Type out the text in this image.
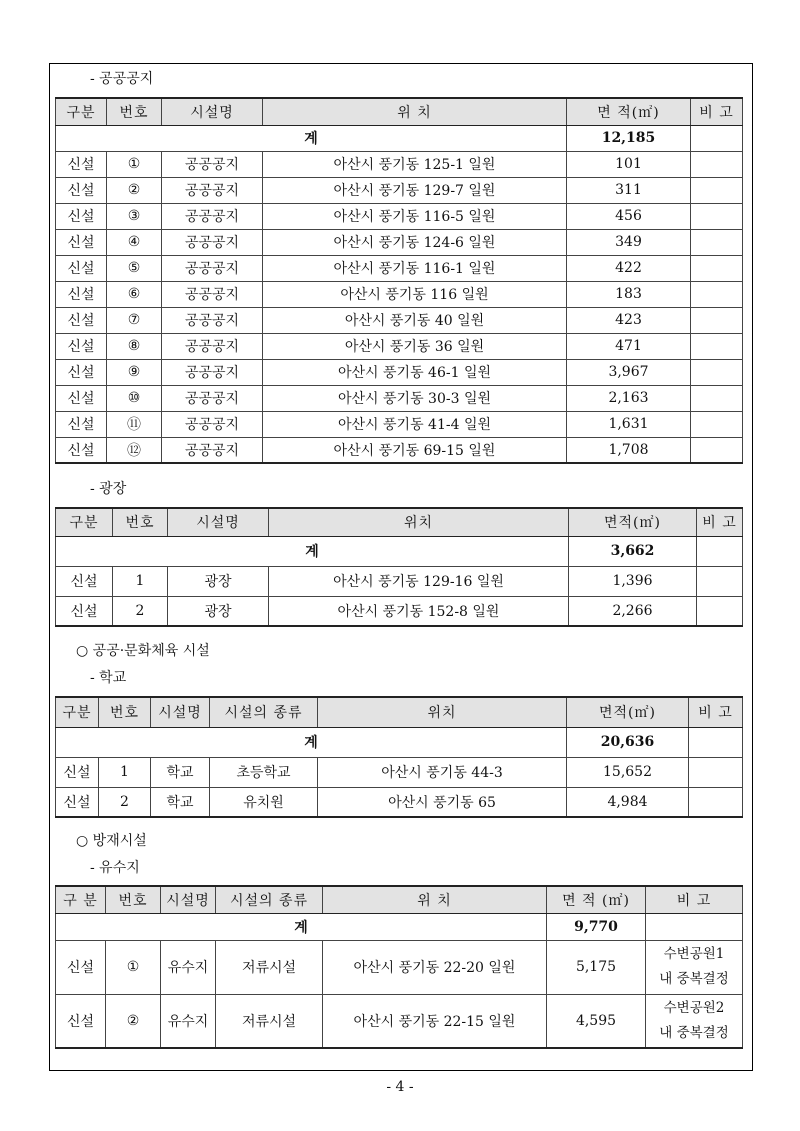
- 공공공지
구분	번호	시설명	위 치	면 적(㎡)	비 고
계				12,185	
신설	①	공공공지	아산시 풍기동 125-1 일원	101	
신설	②	공공공지	아산시 풍기동 129-7 일원	311	
신설	③	공공공지	아산시 풍기동 116-5 일원	456	
신설	④	공공공지	아산시 풍기동 124-6 일원	349	
신설	⑤	공공공지	아산시 풍기동 116-1 일원	422	
신설	⑥	공공공지	아산시 풍기동 116 일원	183	
신설	⑦	공공공지	아산시 풍기동 40 일원	423	
신설	⑧	공공공지	아산시 풍기동 36 일원	471	
신설	⑨	공공공지	아산시 풍기동 46-1 일원	3,967	
신설	⑩	공공공지	아산시 풍기동 30-3 일원	2,163	
신설	⑪	공공공지	아산시 풍기동 41-4 일원	1,631	
신설	⑫	공공공지	아산시 풍기동 69-15 일원	1,708	
- 광장
구분	번호	시설명	위치	면적(㎡)	비 고
계				3,662	
신설	1	광장	아산시 풍기동 129-16 일원	1,396	
신설	2	광장	아산시 풍기동 152-8 일원	2,266	
○ 공공·문화체육 시설
- 학교
구분	번호	시설명	시설의 종류	위치	면적(㎡)	비 고
계					20,636	
신설	1	학교	초등학교	아산시 풍기동 44-3	15,652	
신설	2	학교	유치원	아산시 풍기동 65	4,984	
○ 방재시설
- 유수지
구 분	번호	시설명	시설의 종류	위 치	면 적 (㎡)	비 고
계					9,770	
신설	①	유수지	저류시설	아산시 풍기동 22-20 일원	5,175	수변공원1
내 중복결정

신설	②	유수지	저류시설	아산시 풍기동 22-15 일원	4,595	수변공원2
내 중복결정
- 4 -
